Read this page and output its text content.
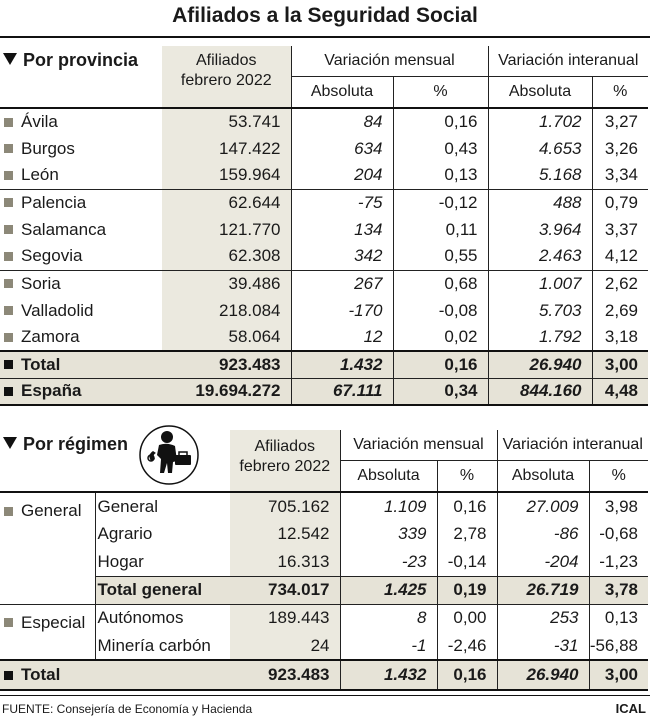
Afiliados a la Seguridad Social
Por provincia	Afiliados
febrero 2022	Variación mensual		Variación interanual	
		Absoluta	%	Absoluta	%
Ávila	53.741	84	0,16	1.702	3,27
Burgos	147.422	634	0,43	4.653	3,26
León	159.964	204	0,13	5.168	3,34
Palencia	62.644	-75	-0,12	488	0,79
Salamanca	121.770	134	0,11	3.964	3,37
Segovia	62.308	342	0,55	2.463	4,12
Soria	39.486	267	0,68	1.007	2,62
Valladolid	218.084	-170	-0,08	5.703	2,69
Zamora	58.064	12	0,02	1.792	3,18
Total	923.483	1.432	0,16	26.940	3,00
España	19.694.272	67.111	0,34	844.160	4,48
Por régimen		Afiliados
febrero 2022	Variación mensual		Variación interanual	
			Absoluta	%	Absoluta	%
General	General	705.162	1.109	0,16	27.009	3,98
	Agrario	12.542	339	2,78	-86	-0,68
	Hogar	16.313	-23	-0,14	-204	-1,23
	Total general	734.017	1.425	0,19	26.719	3,78
Especial	Autónomos	189.443	8	0,00	253	0,13
	Minería carbón	24	-1	-2,46	-31	-56,88
Total		923.483	1.432	0,16	26.940	3,00
FUENTE: Consejería de Economía y Hacienda	ICAL
